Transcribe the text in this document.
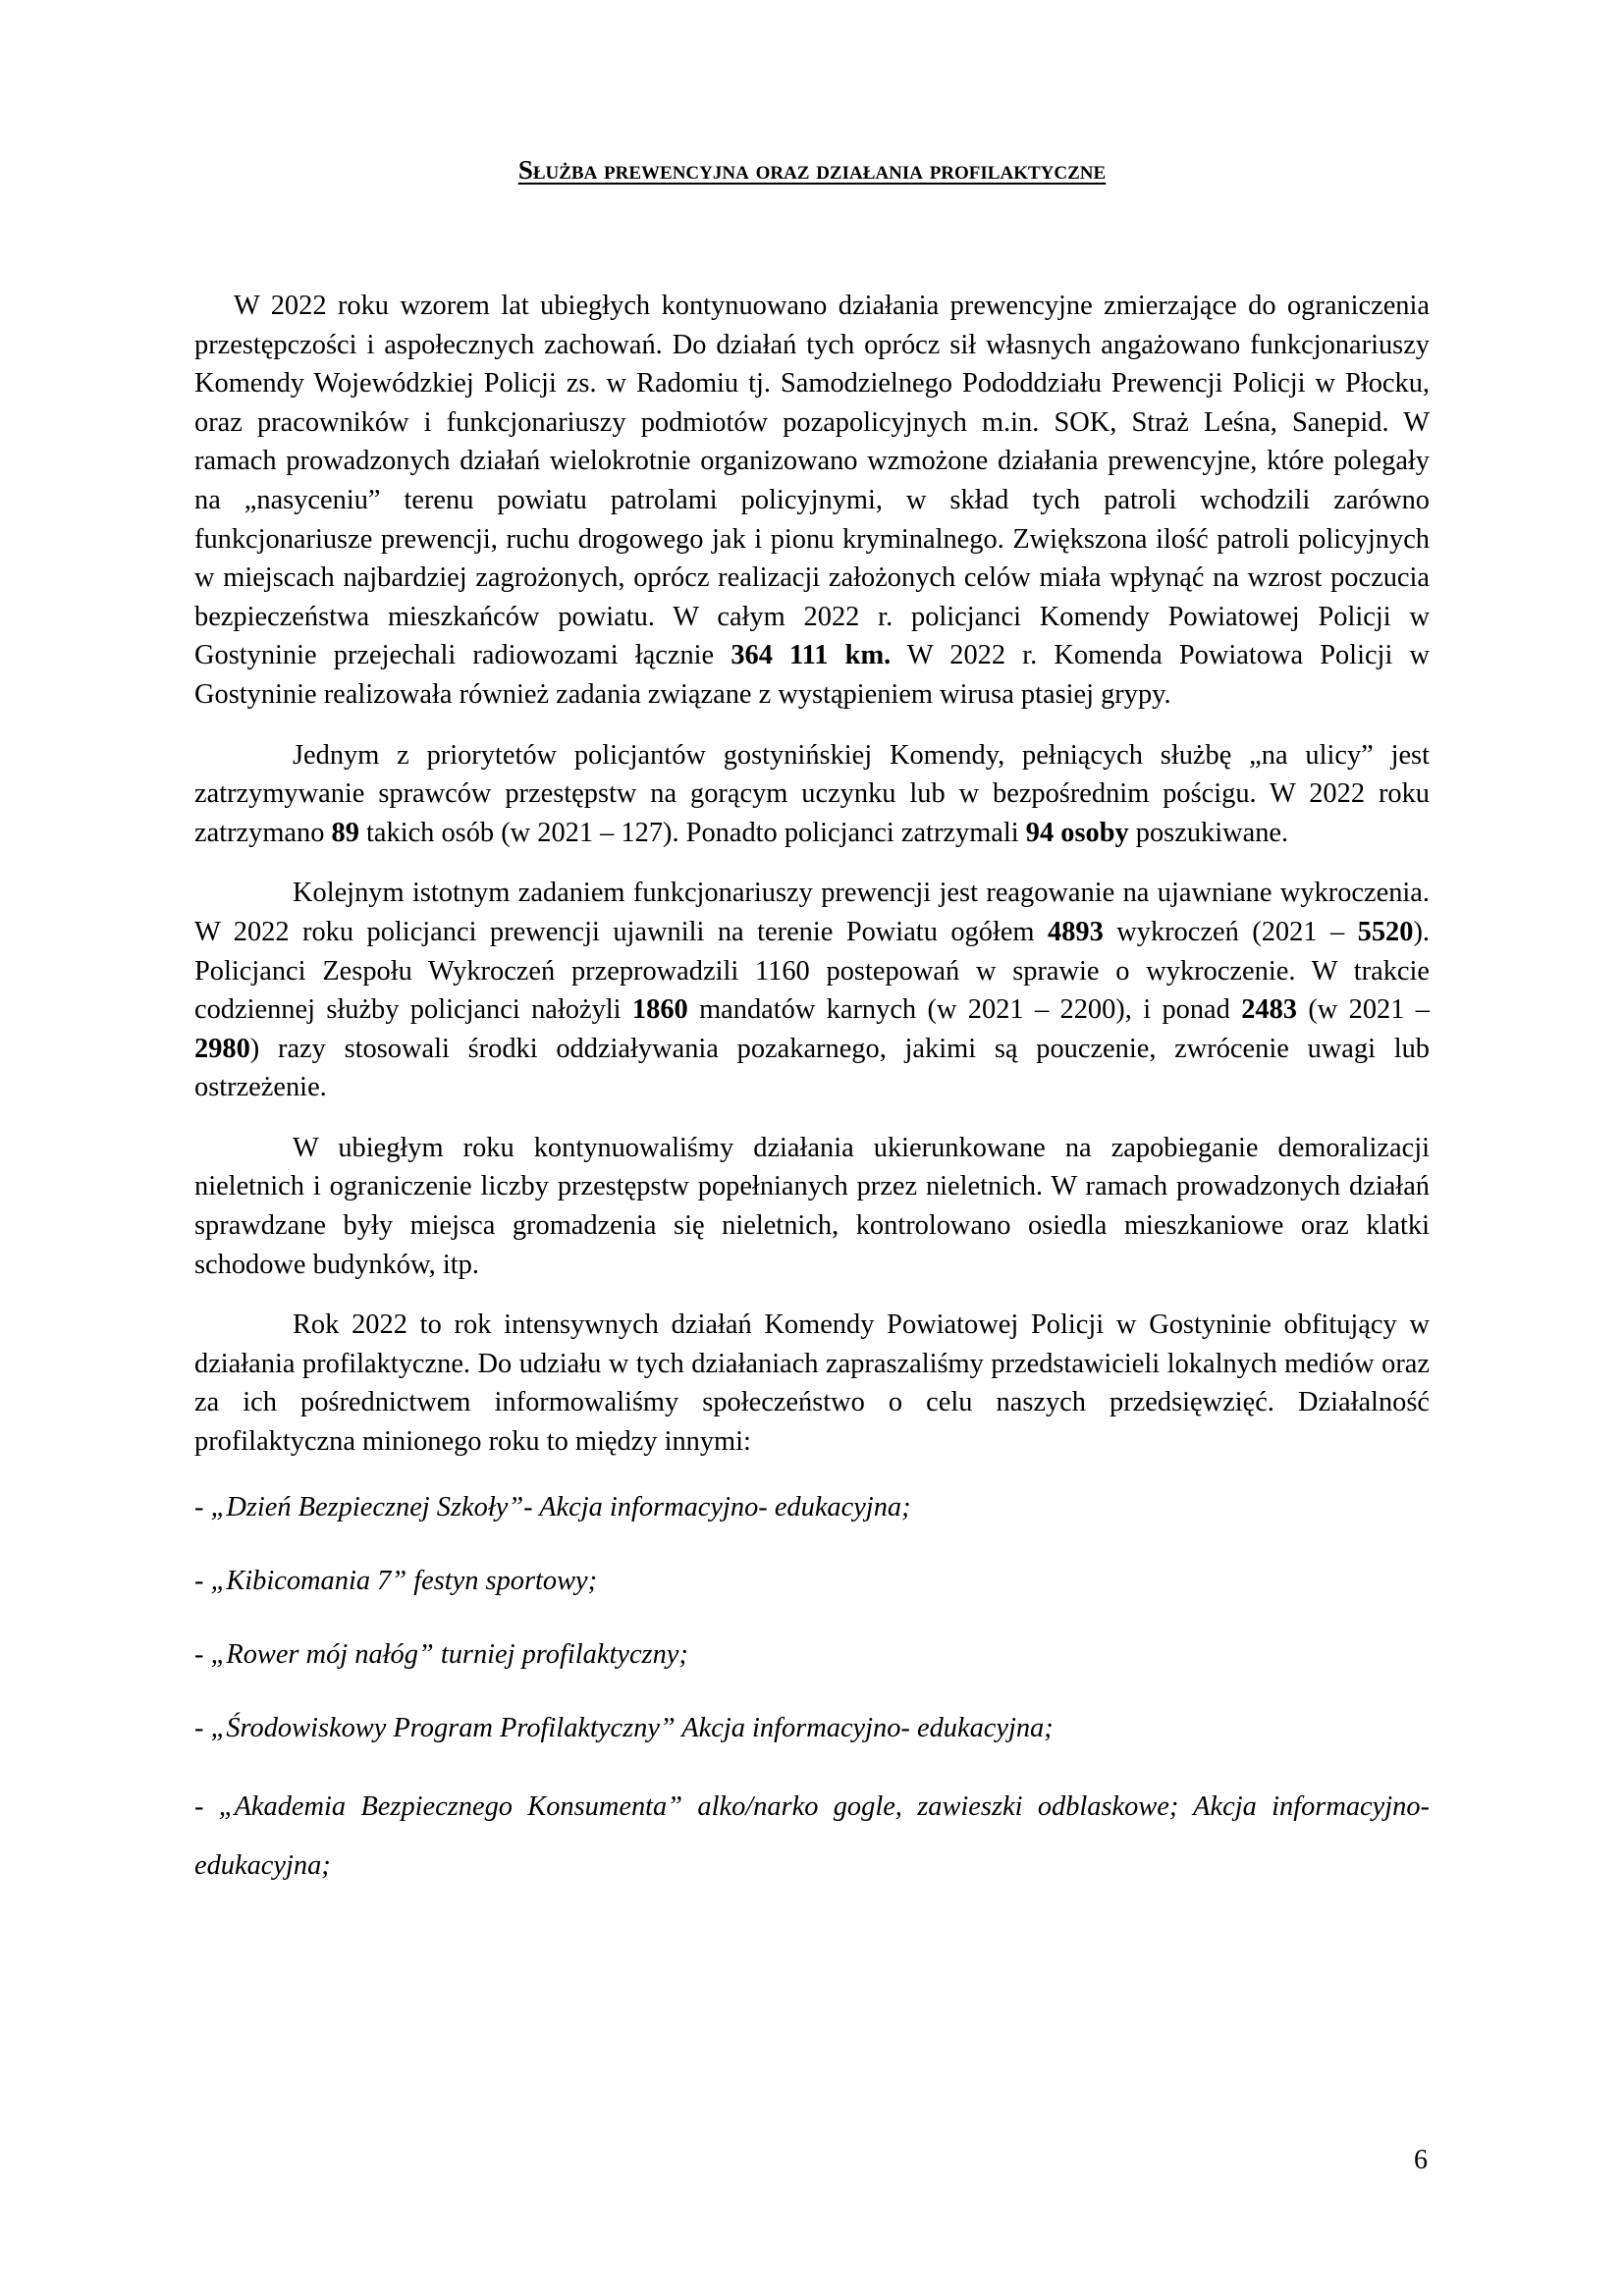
Służba prewencyjna oraz działania profilaktyczne

W 2022 roku wzorem lat ubiegłych kontynuowano działania prewencyjne zmierzające do ograniczenia przestępczości i aspołecznych zachowań. Do działań tych oprócz sił własnych angażowano funkcjonariuszy Komendy Wojewódzkiej Policji zs. w Radomiu tj. Samodzielnego Pododdziału Prewencji Policji w Płocku, oraz pracowników i funkcjonariuszy podmiotów pozapolicyjnych m.in. SOK, Straż Leśna, Sanepid. W ramach prowadzonych działań wielokrotnie organizowano wzmożone działania prewencyjne, które polegały na „nasyceniu” terenu powiatu patrolami policyjnymi, w skład tych patroli wchodzili zarówno funkcjonariusze prewencji, ruchu drogowego jak i pionu kryminalnego. Zwiększona ilość patroli policyjnych w miejscach najbardziej zagrożonych, oprócz realizacji założonych celów miała wpłynąć na wzrost poczucia bezpieczeństwa mieszkańców powiatu. W całym 2022 r. policjanci Komendy Powiatowej Policji w Gostyninie przejechali radiowozami łącznie 364 111 km. W 2022 r. Komenda Powiatowa Policji w Gostyninie realizowała również zadania związane z wystąpieniem wirusa ptasiej grypy.

Jednym z priorytetów policjantów gostynińskiej Komendy, pełniących służbę „na ulicy” jest zatrzymywanie sprawców przestępstw na gorącym uczynku lub w bezpośrednim pościgu. W 2022 roku zatrzymano 89 takich osób (w 2021 – 127). Ponadto policjanci zatrzymali 94 osoby poszukiwane.

Kolejnym istotnym zadaniem funkcjonariuszy prewencji jest reagowanie na ujawniane wykroczenia. W 2022 roku policjanci prewencji ujawnili na terenie Powiatu ogółem 4893 wykroczeń (2021 – 5520). Policjanci Zespołu Wykroczeń przeprowadzili 1160 postepowań w sprawie o wykroczenie. W trakcie codziennej służby policjanci nałożyli 1860 mandatów karnych (w 2021 – 2200), i ponad 2483 (w 2021 – 2980) razy stosowali środki oddziaływania pozakarnego, jakimi są pouczenie, zwrócenie uwagi lub ostrzeżenie.

W ubiegłym roku kontynuowaliśmy działania ukierunkowane na zapobieganie demoralizacji nieletnich i ograniczenie liczby przestępstw popełnianych przez nieletnich. W ramach prowadzonych działań sprawdzane były miejsca gromadzenia się nieletnich, kontrolowano osiedla mieszkaniowe oraz klatki schodowe budynków, itp.

Rok 2022 to rok intensywnych działań Komendy Powiatowej Policji w Gostyninie obfitujący w działania profilaktyczne. Do udziału w tych działaniach zapraszaliśmy przedstawicieli lokalnych mediów oraz za ich pośrednictwem informowaliśmy społeczeństwo o celu naszych przedsięwzięć. Działalność profilaktyczna minionego roku to między innymi:

- „Dzień Bezpiecznej Szkoły”- Akcja informacyjno- edukacyjna;
- „Kibicomania 7” festyn sportowy;
- „Rower mój nałóg” turniej profilaktyczny;
- „Środowiskowy Program Profilaktyczny” Akcja informacyjno- edukacyjna;
- „Akademia Bezpiecznego Konsumenta” alko/narko gogle, zawieszki odblaskowe; Akcja informacyjno- edukacyjna;
6
